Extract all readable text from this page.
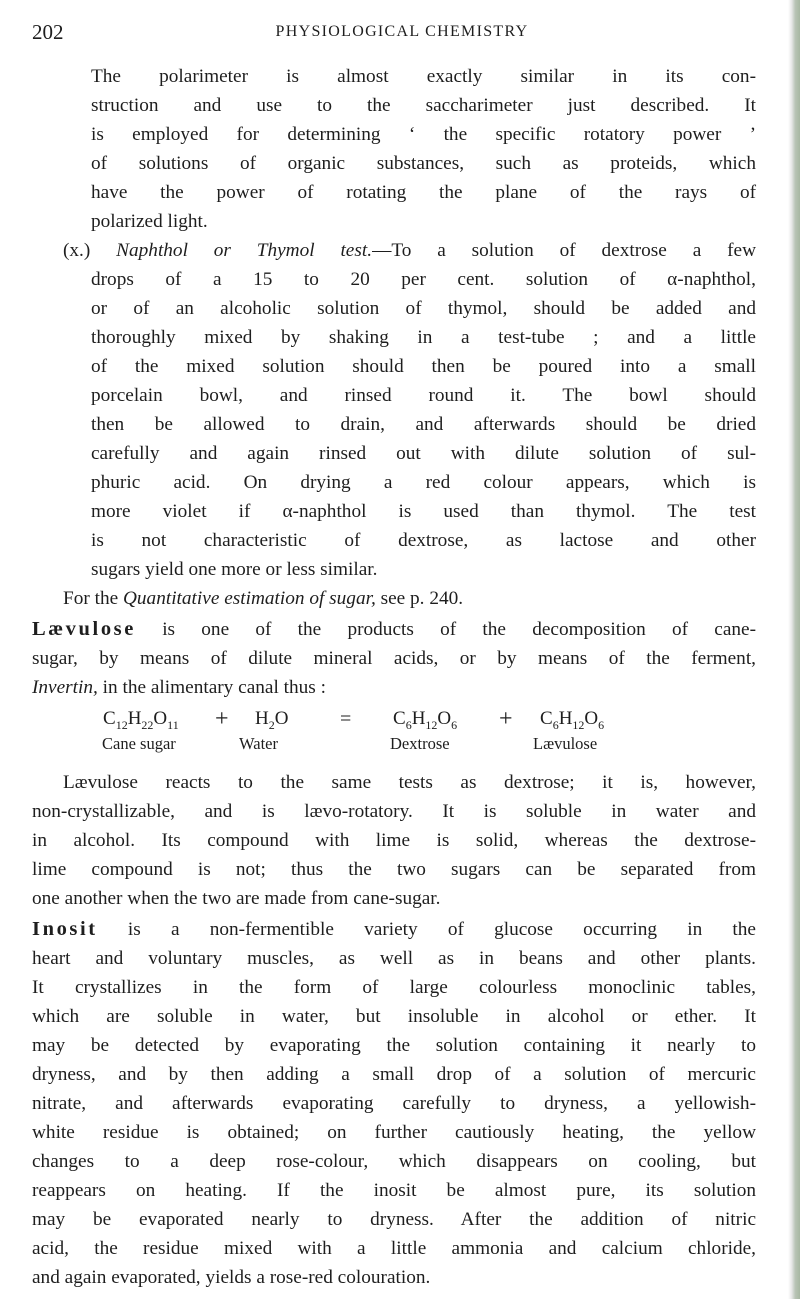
202	PHYSIOLOGICAL CHEMISTRY
The polarimeter is almost exactly similar in its con-
struction and use to the saccharimeter just described. It
is employed for determining ‘ the specific rotatory power ’
of solutions of organic substances, such as proteids, which
have the power of rotating the plane of the rays of
polarized light.
(x.) Naphthol or Thymol test.—To a solution of dextrose a few
drops of a 15 to 20 per cent. solution of α-naphthol,
or of an alcoholic solution of thymol, should be added and
thoroughly mixed by shaking in a test-tube ; and a little
of the mixed solution should then be poured into a small
porcelain bowl, and rinsed round it. The bowl should
then be allowed to drain, and afterwards should be dried
carefully and again rinsed out with dilute solution of sul-
phuric acid. On drying a red colour appears, which is
more violet if α-naphthol is used than thymol. The test
is not characteristic of dextrose, as lactose and other
sugars yield one more or less similar.
For the Quantitative estimation of sugar, see p. 240.
Lævulose is one of the products of the decomposition of cane-
sugar, by means of dilute mineral acids, or by means of the ferment,
Invertin, in the alimentary canal thus :
$C_{12}H_{22}O_{11} + H_2O$	= $C_6H_{12}O_6 + C_6H_{12}O_6$
Cane sugar	Water	Dextrose	Lævulose
Lævulose reacts to the same tests as dextrose; it is, however,
non-crystallizable, and is lævo-rotatory. It is soluble in water and
in alcohol. Its compound with lime is solid, whereas the dextrose-
lime compound is not; thus the two sugars can be separated from
one another when the two are made from cane-sugar.
Inosit is a non-fermentible variety of glucose occurring in the
heart and voluntary muscles, as well as in beans and other plants.
It crystallizes in the form of large colourless monoclinic tables,
which are soluble in water, but insoluble in alcohol or ether. It
may be detected by evaporating the solution containing it nearly to
dryness, and by then adding a small drop of a solution of mercuric
nitrate, and afterwards evaporating carefully to dryness, a yellowish-
white residue is obtained; on further cautiously heating, the yellow
changes to a deep rose-colour, which disappears on cooling, but
reappears on heating. If the inosit be almost pure, its solution
may be evaporated nearly to dryness. After the addition of nitric
acid, the residue mixed with a little ammonia and calcium chloride,
and again evaporated, yields a rose-red colouration.
